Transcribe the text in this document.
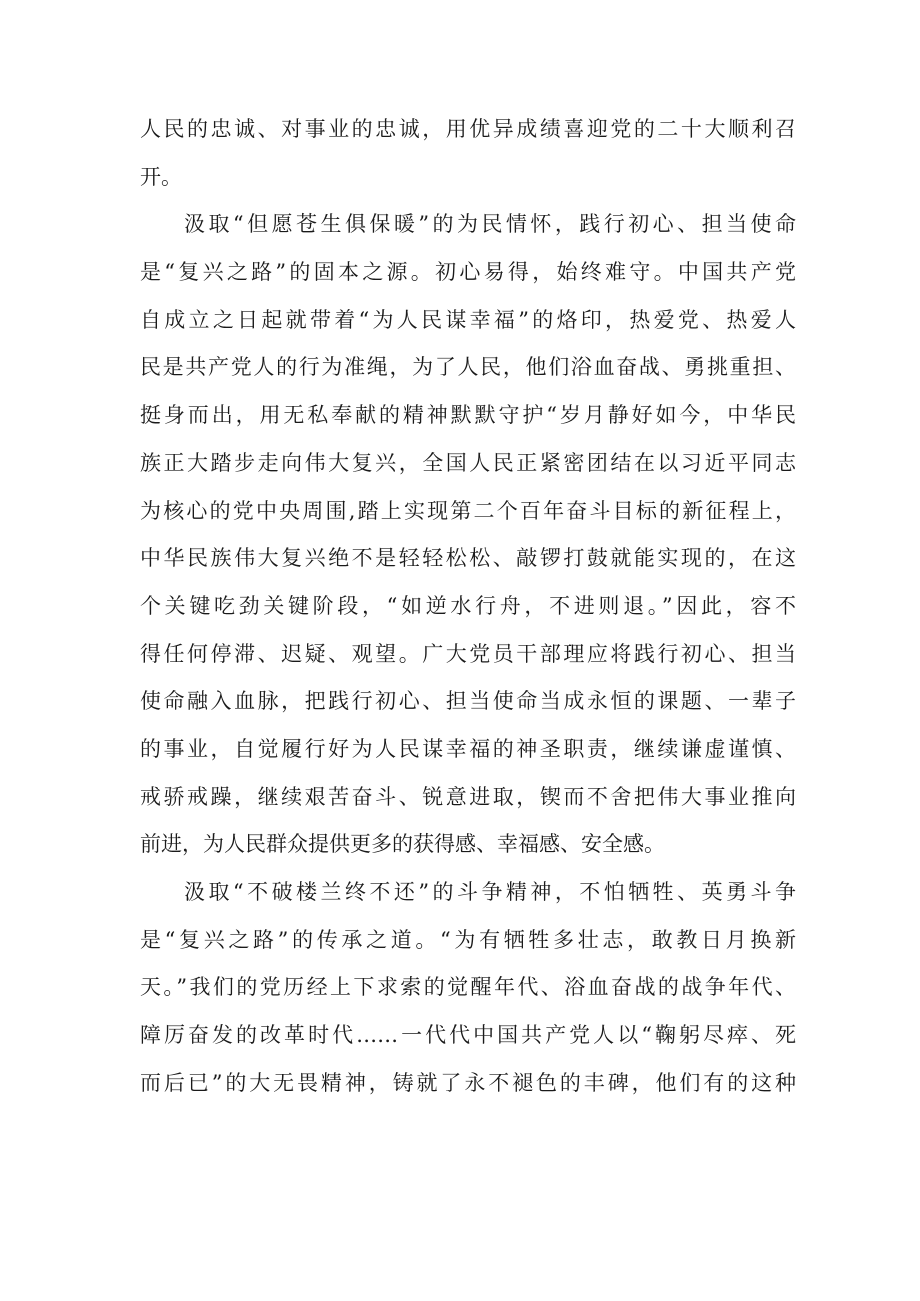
人民的忠诚、对事业的忠诚，用优异成绩喜迎党的二十大顺利召
开。
汲取“但愿苍生俱保暖”的为民情怀，践行初心、担当使命
是“复兴之路”的固本之源。初心易得，始终难守。中国共产党
自成立之日起就带着“为人民谋幸福”的烙印，热爱党、热爱人
民是共产党人的行为准绳，为了人民，他们浴血奋战、勇挑重担、
挺身而出，用无私奉献的精神默默守护“岁月静好如今，中华民
族正大踏步走向伟大复兴，全国人民正紧密团结在以习近平同志
为核心的党中央周围,踏上实现第二个百年奋斗目标的新征程上，
中华民族伟大复兴绝不是轻轻松松、敲锣打鼓就能实现的，在这
个关键吃劲关键阶段，“如逆水行舟，不进则退。”因此，容不
得任何停滞、迟疑、观望。广大党员干部理应将践行初心、担当
使命融入血脉，把践行初心、担当使命当成永恒的课题、一辈子
的事业，自觉履行好为人民谋幸福的神圣职责，继续谦虚谨慎、
戒骄戒躁，继续艰苦奋斗、锐意进取，锲而不舍把伟大事业推向
前进，为人民群众提供更多的获得感、幸福感、安全感。
汲取“不破楼兰终不还”的斗争精神，不怕牺牲、英勇斗争
是“复兴之路”的传承之道。“为有牺牲多壮志，敢教日月换新
天。”我们的党历经上下求索的觉醒年代、浴血奋战的战争年代、
障厉奋发的改革时代……一代代中国共产党人以“鞠躬尽瘁、死
而后已”的大无畏精神，铸就了永不褪色的丰碑，他们有的这种
